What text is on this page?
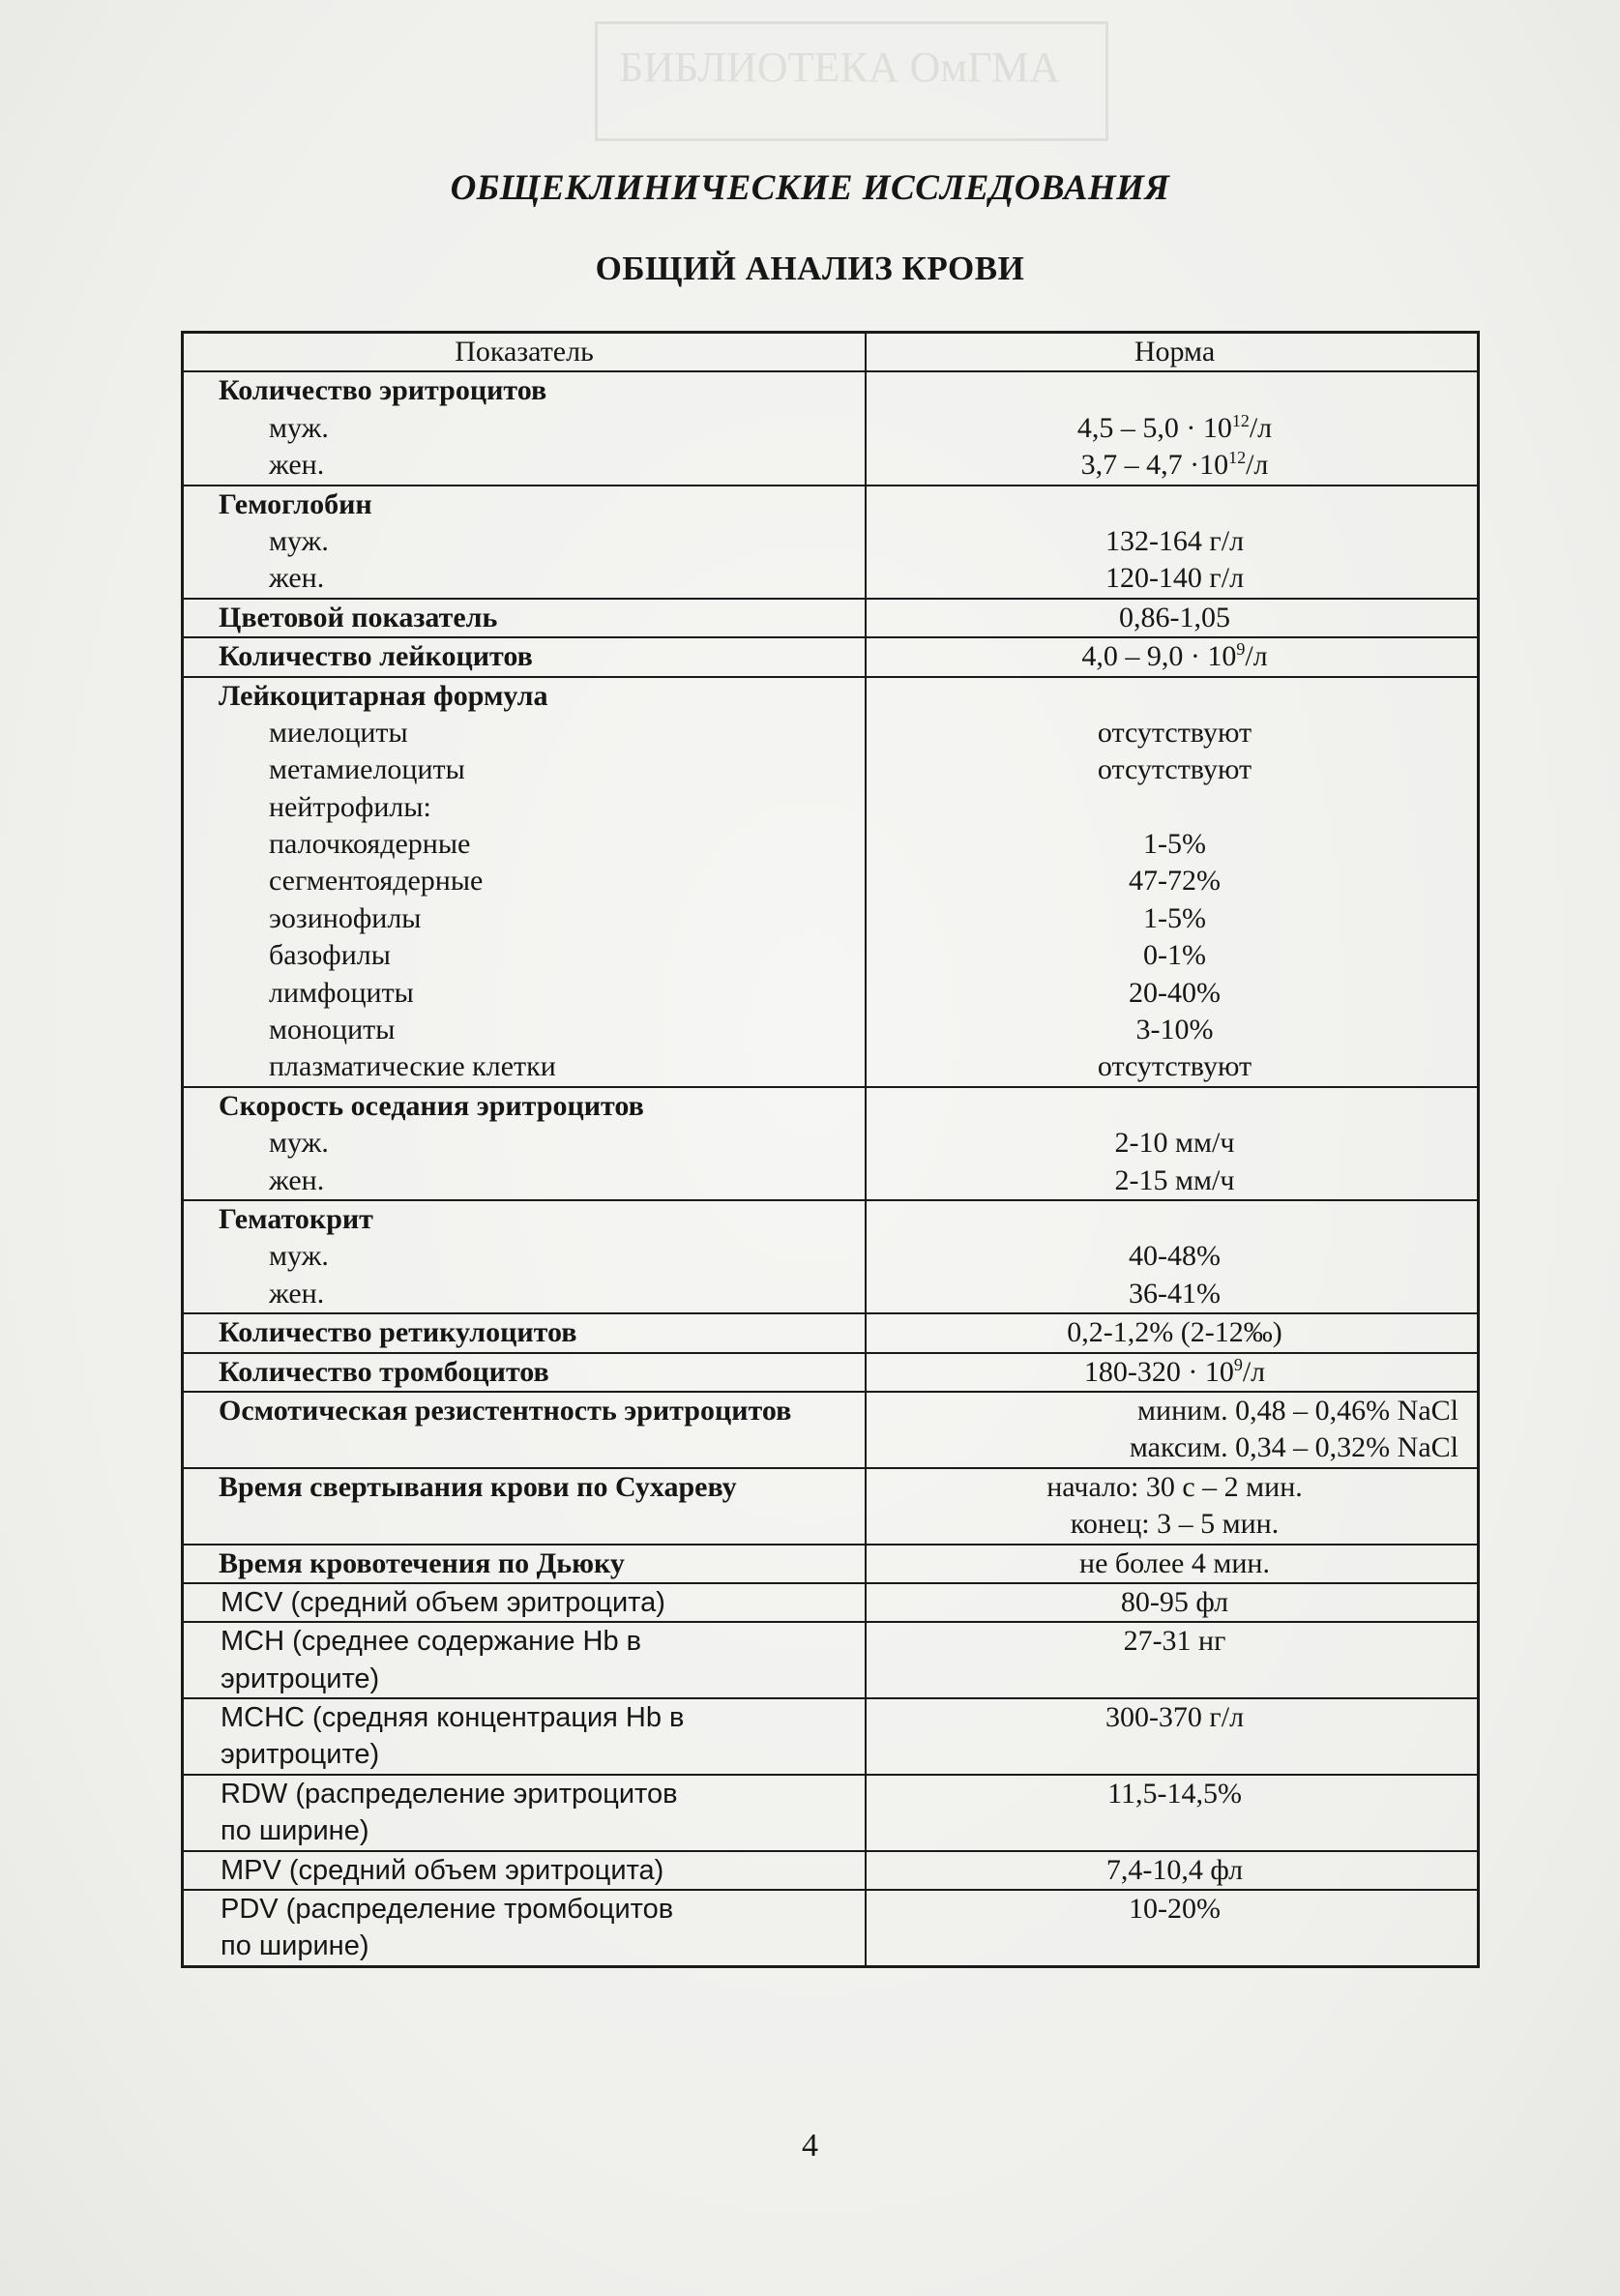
БИБЛИОТЕКА ОмГМА
ОБЩЕКЛИНИЧЕСКИЕ ИССЛЕДОВАНИЯ
ОБЩИЙ АНАЛИЗ КРОВИ
Показатель	Норма
Количество эритроцитов
муж.	$4,5 - 5,0 \cdot 10^{12}/л$
жен.	$3,7 - 4,7 \cdot 10^{12}/л$
Гемоглобин
муж.	132-164 г/л
жен.	120-140 г/л
Цветовой показатель	0,86-1,05
Количество лейкоцитов	$4,0 - 9,0 \cdot 10^9/л$
Лейкоцитарная формула
миелоциты	отсутствуют
метамиелоциты	отсутствуют
нейтрофилы:
палочкоядерные	1-5%
сегментоядерные	47-72%
эозинофилы	1-5%
базофилы	0-1%
лимфоциты	20-40%
моноциты	3-10%
плазматические клетки	отсутствуют
Скорость оседания эритроцитов
муж.	2-10 мм/ч
жен.	2-15 мм/ч
Гематокрит
муж.	40-48%
жен.	36-41%
Количество ретикулоцитов	0,2-1,2% (2-12‰)
Количество тромбоцитов	$180-320 \cdot 10^9/л$
Осмотическая резистентность эритроцитов	миним. 0,48 – 0,46% NaCl
максим. 0,34 – 0,32% NaCl
Время свертывания крови по Сухареву	начало: 30 с – 2 мин.
конец: 3 – 5 мин.
Время кровотечения по Дьюку	не более 4 мин.
MCV (средний объем эритроцита)	80-95 фл
MCH (среднее содержание Hb в	27-31 нг
эритроците)
MCHC (средняя концентрация Hb в	300-370 г/л
эритроците)
RDW (распределение эритроцитов	11,5-14,5%
по ширине)
MPV (средний объем эритроцита)	7,4-10,4 фл
PDV (распределение тромбоцитов	10-20%
по ширине)
4
